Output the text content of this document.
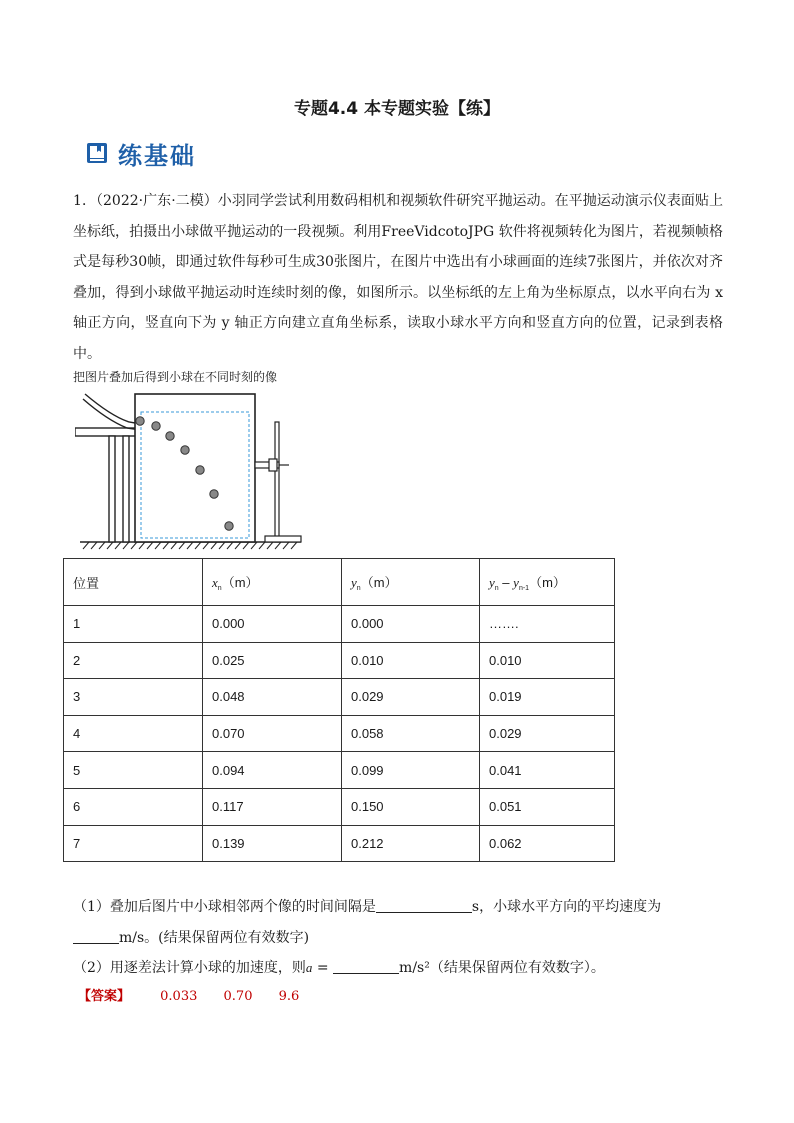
专题4.4 本专题实验【练】
练基础
1．（2022·广东·二模）小羽同学尝试利用数码相机和视频软件研究平抛运动。在平抛运动演示仪表面贴上坐标纸，拍摄出小球做平抛运动的一段视频。利用FreeVidcotoJPG 软件将视频转化为图片，若视频帧格式是每秒30帧，即通过软件每秒可生成30张图片，在图片中选出有小球画面的连续7张图片，并依次对齐叠加，得到小球做平抛运动时连续时刻的像，如图所示。以坐标纸的左上角为坐标原点，以水平向右为 x 轴正方向，竖直向下为 y 轴正方向建立直角坐标系，读取小球水平方向和竖直方向的位置，记录到表格中。
把图片叠加后得到小球在不同时刻的像
位置	$x_n(m)$	$y_n(m)$	$y_n - y_{n-1}(m)$
1	0.000	0.000	…….
2	0.025	0.010	0.010
3	0.048	0.029	0.019
4	0.070	0.058	0.029
5	0.094	0.099	0.041
6	0.117	0.150	0.051
7	0.139	0.212	0.062
（1）叠加后图片中小球相邻两个像的时间间隔是	s，小球水平方向的平均速度为
m/s。(结果保留两位有效数字)
（2）用逐差法计算小球的加速度，则a =	m/s²（结果保留两位有效数字）。
【答案】 0.033 0.70 9.6
